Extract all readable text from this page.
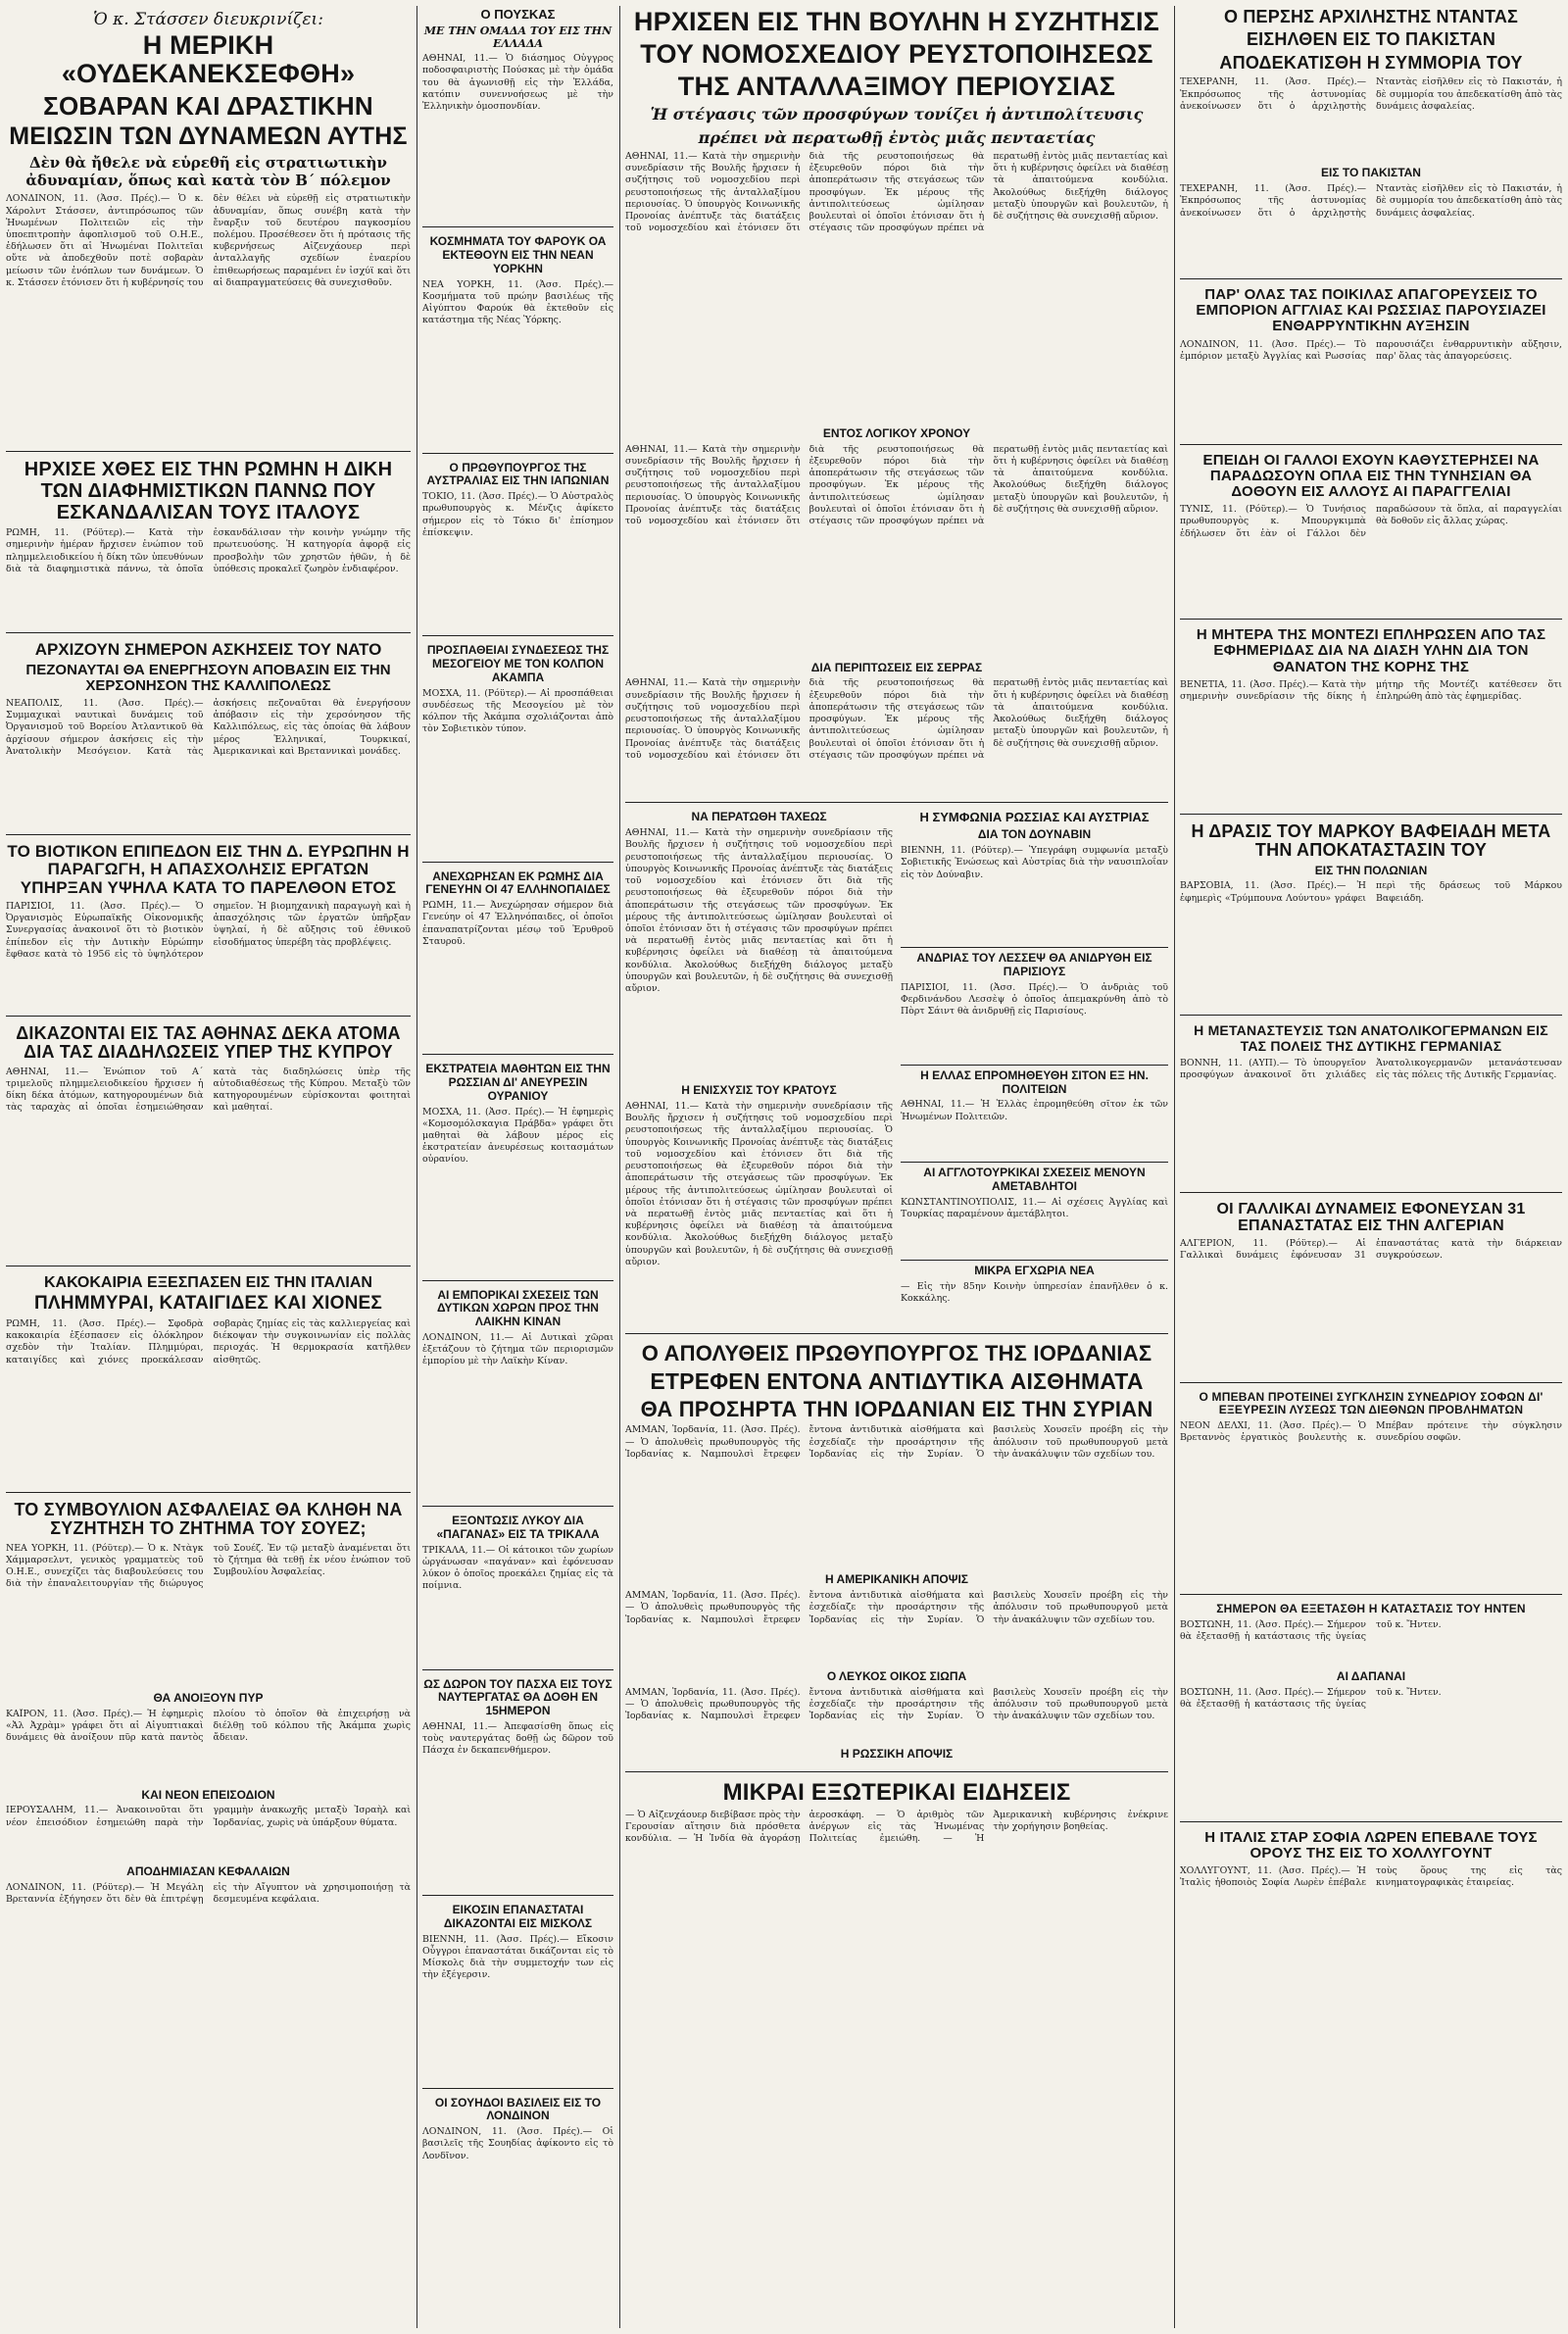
Ὁ κ. Στάσσεν διευκρινίζει:
Η ΜΕΡΙΚΗ «ΟΥΔΕΚΑΝΕΚΣΕΦΘΗ»
ΣΟΒΑΡΑΝ ΚΑΙ ΔΡΑΣΤΙΚΗΝ
ΜΕΙΩΣΙΝ ΤΩΝ ΔΥΝΑΜΕΩΝ ΑΥΤΗΣ
Δὲν θὰ ἤθελε νὰ εὑρεθῆ εἰς στρατιωτικὴν ἀδυναμίαν, ὅπως καὶ κατὰ τὸν Β΄ πόλεμον

ΛΟΝΔΙΝΟΝ, 11. (Ἀσσ. Πρές).— Ὁ κ. Χάρολντ Στάσσεν, ἀντιπρόσωπος τῶν Ἡνωμένων Πολιτειῶν εἰς τὴν ὑποεπιτροπὴν ἀφοπλισμοῦ τοῦ Ο.Η.Ε., ἐδήλωσεν ὅτι αἱ Ἡνωμέναι Πολιτεῖαι οὔτε νὰ ἀποδεχθοῦν ποτὲ σοβαρὰν μείωσιν τῶν ἐνόπλων των δυνάμεων. Ὁ κ. Στάσσεν ἐτόνισεν ὅτι ἡ κυβέρνησίς του δὲν θέλει νὰ εὑρεθῇ εἰς στρατιωτικὴν ἀδυναμίαν, ὅπως συνέβη κατὰ τὴν ἔναρξιν τοῦ δευτέρου παγκοσμίου πολέμου. Προσέθεσεν ὅτι ἡ πρότασις τῆς κυβερνήσεως Αἰζενχάουερ περὶ ἀνταλλαγῆς σχεδίων ἐναερίου ἐπιθεωρήσεως παραμένει ἐν ἰσχύϊ καὶ ὅτι αἱ διαπραγματεύσεις θὰ συνεχισθοῦν.

ΗΡΧΙΣΕ ΧΘΕΣ ΕΙΣ ΤΗΝ ΡΩΜΗΝ Η ΔΙΚΗ ΤΩΝ ΔΙΑΦΗΜΙΣΤΙΚΩΝ ΠΑΝΝΩ ΠΟΥ ΕΣΚΑΝΔΑΛΙΣΑΝ ΤΟΥΣ ΙΤΑΛΟΥΣ

ΡΩΜΗ, 11. (Ρόϋτερ).— Κατὰ τὴν σημερινὴν ἡμέραν ἤρχισεν ἐνώπιον τοῦ πλημμελειοδικείου ἡ δίκη τῶν ὑπευθύνων διὰ τὰ διαφημιστικὰ πάννω, τὰ ὁποῖα ἐσκανδάλισαν τὴν κοινὴν γνώμην τῆς πρωτευούσης. Ἡ κατηγορία ἀφορᾷ εἰς προσβολὴν τῶν χρηστῶν ἠθῶν, ἡ δὲ ὑπόθεσις προκαλεῖ ζωηρὸν ἐνδιαφέρον.

ΑΡΧΙΖΟΥΝ ΣΗΜΕΡΟΝ ΑΣΚΗΣΕΙΣ ΤΟΥ ΝΑΤΟ
ΠΕΖΟΝΑΥΤΑΙ ΘΑ ΕΝΕΡΓΗΣΟΥΝ ΑΠΟΒΑΣΙΝ ΕΙΣ ΤΗΝ ΧΕΡΣΟΝΗΣΟΝ ΤΗΣ ΚΑΛΛΙΠΟΛΕΩΣ

ΝΕΑΠΟΛΙΣ, 11. (Ἀσσ. Πρές).— Συμμαχικαὶ ναυτικαὶ δυνάμεις τοῦ Ὀργανισμοῦ τοῦ Βορείου Ἀτλαντικοῦ θὰ ἀρχίσουν σήμερον ἀσκήσεις εἰς τὴν Ἀνατολικὴν Μεσόγειον. Κατὰ τὰς ἀσκήσεις πεζοναῦται θὰ ἐνεργήσουν ἀπόβασιν εἰς τὴν χερσόνησον τῆς Καλλιπόλεως, εἰς τὰς ὁποίας θὰ λάβουν μέρος Ἑλληνικαί, Τουρκικαί, Ἀμερικανικαὶ καὶ Βρεταννικαὶ μονάδες.

ΤΟ ΒΙΟΤΙΚΟΝ ΕΠΙΠΕΔΟΝ ΕΙΣ ΤΗΝ Δ. ΕΥΡΩΠΗΝ Η ΠΑΡΑΓΩΓΗ, Η ΑΠΑΣΧΟΛΗΣΙΣ ΕΡΓΑΤΩΝ ΥΠΗΡΞΑΝ ΥΨΗΛΑ ΚΑΤΑ ΤΟ ΠΑΡΕΛΘΟΝ ΕΤΟΣ

ΠΑΡΙΣΙΟΙ, 11. (Ἀσσ. Πρές).— Ὁ Ὀργανισμὸς Εὐρωπαϊκῆς Οἰκονομικῆς Συνεργασίας ἀνακοινοῖ ὅτι τὸ βιοτικὸν ἐπίπεδον εἰς τὴν Δυτικὴν Εὐρώπην ἔφθασε κατὰ τὸ 1956 εἰς τὸ ὑψηλότερον σημεῖον. Ἡ βιομηχανικὴ παραγωγὴ καὶ ἡ ἀπασχόλησις τῶν ἐργατῶν ὑπῆρξαν ὑψηλαί, ἡ δὲ αὔξησις τοῦ ἐθνικοῦ εἰσοδήματος ὑπερέβη τὰς προβλέψεις.

ΔΙΚΑΖΟΝΤΑΙ ΕΙΣ ΤΑΣ ΑΘΗΝΑΣ ΔΕΚΑ ΑΤΟΜΑ ΔΙΑ ΤΑΣ ΔΙΑΔΗΛΩΣΕΙΣ ΥΠΕΡ ΤΗΣ ΚΥΠΡΟΥ

ΑΘΗΝΑΙ, 11.— Ἐνώπιον τοῦ Α΄ τριμελοῦς πλημμελειοδικείου ἤρχισεν ἡ δίκη δέκα ἀτόμων, κατηγορουμένων διὰ τὰς ταραχὰς αἱ ὁποῖαι ἐσημειώθησαν κατὰ τὰς διαδηλώσεις ὑπὲρ τῆς αὐτοδιαθέσεως τῆς Κύπρου. Μεταξὺ τῶν κατηγορουμένων εὑρίσκονται φοιτηταὶ καὶ μαθηταί.

ΚΑΚΟΚΑΙΡΙΑ ΕΞΕΣΠΑΣΕΝ ΕΙΣ ΤΗΝ ΙΤΑΛΙΑΝ
ΠΛΗΜΜΥΡΑΙ, ΚΑΤΑΙΓΙΔΕΣ ΚΑΙ ΧΙΟΝΕΣ

ΡΩΜΗ, 11. (Ἀσσ. Πρές).— Σφοδρὰ κακοκαιρία ἐξέσπασεν εἰς ὁλόκληρον σχεδὸν τὴν Ἰταλίαν. Πλημμύραι, καταιγίδες καὶ χιόνες προεκάλεσαν σοβαρὰς ζημίας εἰς τὰς καλλιεργείας καὶ διέκοψαν τὴν συγκοινωνίαν εἰς πολλὰς περιοχάς. Ἡ θερμοκρασία κατῆλθεν αἰσθητῶς.

ΤΟ ΣΥΜΒΟΥΛΙΟΝ ΑΣΦΑΛΕΙΑΣ ΘΑ ΚΛΗΘΗ ΝΑ ΣΥΖΗΤΗΣΗ ΤΟ ΖΗΤΗΜΑ ΤΟΥ ΣΟΥΕΖ;

ΝΕΑ ΥΟΡΚΗ, 11. (Ρόϋτερ).— Ὁ κ. Ντὰγκ Χάμμαρσελντ, γενικὸς γραμματεὺς τοῦ Ο.Η.Ε., συνεχίζει τὰς διαβουλεύσεις του διὰ τὴν ἐπαναλειτουργίαν τῆς διώρυγος τοῦ Σουέζ. Ἐν τῷ μεταξὺ ἀναμένεται ὅτι τὸ ζήτημα θὰ τεθῇ ἐκ νέου ἐνώπιον τοῦ Συμβουλίου Ἀσφαλείας.

ΘΑ ΑΝΟΙΞΟΥΝ ΠΥΡ

ΚΑΪΡΟΝ, 11. (Ἀσσ. Πρές).— Ἡ ἐφημερὶς «Ἀλ Ἀχρὰμ» γράφει ὅτι αἱ Αἰγυπτιακαὶ δυνάμεις θὰ ἀνοίξουν πῦρ κατὰ παντὸς πλοίου τὸ ὁποῖον θὰ ἐπιχειρήσῃ νὰ διέλθῃ τοῦ κόλπου τῆς Ἀκάμπα χωρὶς ἄδειαν.

ΚΑΙ ΝΕΟΝ ΕΠΕΙΣΟΔΙΟΝ

ΙΕΡΟΥΣΑΛΗΜ, 11.— Ἀνακοινοῦται ὅτι νέον ἐπεισόδιον ἐσημειώθη παρὰ τὴν γραμμὴν ἀνακωχῆς μεταξὺ Ἰσραὴλ καὶ Ἰορδανίας, χωρὶς νὰ ὑπάρξουν θύματα.

ΑΠΟΔΗΜΙΑΣΑΝ ΚΕΦΑΛΑΙΩΝ

ΛΟΝΔΙΝΟΝ, 11. (Ρόϋτερ).— Ἡ Μεγάλη Βρεταννία ἐξήγησεν ὅτι δὲν θὰ ἐπιτρέψῃ εἰς τὴν Αἴγυπτον νὰ χρησιμοποιήσῃ τὰ δεσμευμένα κεφάλαια.

Ο ΠΟΥΣΚΑΣ
ΜΕ ΤΗΝ ΟΜΑΔΑ ΤΟΥ ΕΙΣ ΤΗΝ ΕΛΛΑΔΑ

ΑΘΗΝΑΙ, 11.— Ὁ διάσημος Οὑγγρος ποδοσφαιριστὴς Πούσκας μὲ τὴν ὁμάδα του θὰ ἀγωνισθῇ εἰς τὴν Ἑλλάδα, κατόπιν συνεννοήσεως μὲ τὴν Ἑλληνικὴν ὁμοσπονδίαν.

ΚΟΣΜΗΜΑΤΑ ΤΟΥ ΦΑΡΟΥΚ ΟΑ ΕΚΤΕΘΟΥΝ ΕΙΣ ΤΗΝ ΝΕΑΝ ΥΟΡΚΗΝ

ΝΕΑ ΥΟΡΚΗ, 11. (Ἀσσ. Πρές).— Κοσμήματα τοῦ πρώην βασιλέως τῆς Αἰγύπτου Φαρούκ θὰ ἐκτεθοῦν εἰς κατάστημα τῆς Νέας Ὑόρκης.

Ο ΠΡΩΘΥΠΟΥΡΓΟΣ ΤΗΣ ΑΥΣΤΡΑΛΙΑΣ ΕΙΣ ΤΗΝ ΙΑΠΩΝΙΑΝ

ΤΟΚΙΟ, 11. (Ἀσσ. Πρές).— Ὁ Αὐστραλὸς πρωθυπουργὸς κ. Μένζις ἀφίκετο σήμερον εἰς τὸ Τόκιο δι' ἐπίσημον ἐπίσκεψιν.

ΠΡΟΣΠΑΘΕΙΑΙ ΣΥΝΔΕΣΕΩΣ ΤΗΣ ΜΕΣΟΓΕΙΟΥ ΜΕ ΤΟΝ ΚΟΛΠΟΝ ΑΚΑΜΠΑ

ΜΟΣΧΑ, 11. (Ρόϋτερ).— Αἱ προσπάθειαι συνδέσεως τῆς Μεσογείου μὲ τὸν κόλπον τῆς Ἀκάμπα σχολιάζονται ἀπὸ τὸν Σοβιετικὸν τύπον.

ΑΝΕΧΩΡΗΣΑΝ ΕΚ ΡΩΜΗΣ ΔΙΑ ΓΕΝΕΥΗΝ ΟΙ 47 ΕΛΛΗΝΟΠΑΙΔΕΣ

ΡΩΜΗ, 11.— Ἀνεχώρησαν σήμερον διὰ Γενεύην οἱ 47 Ἑλληνόπαιδες, οἱ ὁποῖοι ἐπαναπατρίζονται μέσῳ τοῦ Ἐρυθροῦ Σταυροῦ.

ΕΚΣΤΡΑΤΕΙΑ ΜΑΘΗΤΩΝ ΕΙΣ ΤΗΝ ΡΩΣΣΙΑΝ ΔΙ' ΑΝΕΥΡΕΣΙΝ ΟΥΡΑΝΙΟΥ

ΜΟΣΧΑ, 11. (Ἀσσ. Πρές).— Ἡ ἐφημερὶς «Κομσομόλσκαγια Πράβδα» γράφει ὅτι μαθηταὶ θὰ λάβουν μέρος εἰς ἐκστρατείαν ἀνευρέσεως κοιτασμάτων οὐρανίου.

ΑΙ ΕΜΠΟΡΙΚΑΙ ΣΧΕΣΕΙΣ ΤΩΝ ΔΥΤΙΚΩΝ ΧΩΡΩΝ ΠΡΟΣ ΤΗΝ ΛΑΙΚΗΝ ΚΙΝΑΝ

ΛΟΝΔΙΝΟΝ, 11.— Αἱ Δυτικαὶ χῶραι ἐξετάζουν τὸ ζήτημα τῶν περιορισμῶν ἐμπορίου μὲ τὴν Λαϊκὴν Κίναν.

ΕΞΟΝΤΩΣΙΣ ΛΥΚΟΥ ΔΙΑ «ΠΑΓΑΝΑΣ» ΕΙΣ ΤΑ ΤΡΙΚΑΛΑ

ΤΡΙΚΑΛΑ, 11.— Οἱ κάτοικοι τῶν χωρίων ὠργάνωσαν «παγάναν» καὶ ἐφόνευσαν λύκον ὁ ὁποῖος προεκάλει ζημίας εἰς τὰ ποίμνια.

ΩΣ ΔΩΡΟΝ ΤΟΥ ΠΑΣΧΑ ΕΙΣ ΤΟΥΣ ΝΑΥΤΕΡΓΑΤΑΣ ΘΑ ΔΟΘΗ ΕΝ 15ΗΜΕΡΟΝ

ΑΘΗΝΑΙ, 11.— Ἀπεφασίσθη ὅπως εἰς τοὺς ναυτεργάτας δοθῇ ὡς δῶρον τοῦ Πάσχα ἐν δεκαπενθήμερον.

ΕΙΚΟΣΙΝ ΕΠΑΝΑΣΤΑΤΑΙ ΔΙΚΑΖΟΝΤΑΙ ΕΙΣ ΜΙΣΚΟΛΣ

ΒΙΕΝΝΗ, 11. (Ἀσσ. Πρές).— Εἴκοσιν Οὗγγροι ἐπαναστάται δικάζονται εἰς τὸ Μίσκολς διὰ τὴν συμμετοχήν των εἰς τὴν ἐξέγερσιν.

ΟΙ ΣΟΥΗΔΟΙ ΒΑΣΙΛΕΙΣ ΕΙΣ ΤΟ ΛΟΝΔΙΝΟΝ

ΛΟΝΔΙΝΟΝ, 11. (Ἀσσ. Πρές).— Οἱ βασιλεῖς τῆς Σουηδίας ἀφίκοντο εἰς τὸ Λονδῖνον.

ΗΡΧΙΣΕΝ ΕΙΣ ΤΗΝ ΒΟΥΛΗΝ Η ΣΥΖΗΤΗΣΙΣ
ΤΟΥ ΝΟΜΟΣΧΕΔΙΟΥ ΡΕΥΣΤΟΠΟΙΗΣΕΩΣ
ΤΗΣ ΑΝΤΑΛΛΑΞΙΜΟΥ ΠΕΡΙΟΥΣΙΑΣ
Ἡ στέγασις τῶν προσφύγων τονίζει ἡ ἀντιπολίτευσις
πρέπει νὰ περατωθῇ ἐντὸς μιᾶς πενταετίας

ΑΘΗΝΑΙ, 11.— Κατὰ τὴν σημερινὴν συνεδρίασιν τῆς Βουλῆς ἤρχισεν ἡ συζήτησις τοῦ νομοσχεδίου περὶ ρευστοποιήσεως τῆς ἀνταλλαξίμου περιουσίας. Ὁ ὑπουργὸς Κοινωνικῆς Προνοίας ἀνέπτυξε τὰς διατάξεις τοῦ νομοσχεδίου καὶ ἐτόνισεν ὅτι διὰ τῆς ρευστοποιήσεως θὰ ἐξευρεθοῦν πόροι διὰ τὴν ἀποπεράτωσιν τῆς στεγάσεως τῶν προσφύγων. Ἐκ μέρους τῆς ἀντιπολιτεύσεως ὡμίλησαν βουλευταὶ οἱ ὁποῖοι ἐτόνισαν ὅτι ἡ στέγασις τῶν προσφύγων πρέπει νὰ περατωθῇ ἐντὸς μιᾶς πενταετίας καὶ ὅτι ἡ κυβέρνησις ὀφείλει νὰ διαθέσῃ τὰ ἀπαιτούμενα κονδύλια. Ἀκολούθως διεξήχθη διάλογος μεταξὺ ὑπουργῶν καὶ βουλευτῶν, ἡ δὲ συζήτησις θὰ συνεχισθῇ αὔριον.

ΕΝΤΟΣ ΛΟΓΙΚΟΥ ΧΡΟΝΟΥ

ΑΘΗΝΑΙ, 11.— Κατὰ τὴν σημερινὴν συνεδρίασιν τῆς Βουλῆς ἤρχισεν ἡ συζήτησις τοῦ νομοσχεδίου περὶ ρευστοποιήσεως τῆς ἀνταλλαξίμου περιουσίας. Ὁ ὑπουργὸς Κοινωνικῆς Προνοίας ἀνέπτυξε τὰς διατάξεις τοῦ νομοσχεδίου καὶ ἐτόνισεν ὅτι διὰ τῆς ρευστοποιήσεως θὰ ἐξευρεθοῦν πόροι διὰ τὴν ἀποπεράτωσιν τῆς στεγάσεως τῶν προσφύγων. Ἐκ μέρους τῆς ἀντιπολιτεύσεως ὡμίλησαν βουλευταὶ οἱ ὁποῖοι ἐτόνισαν ὅτι ἡ στέγασις τῶν προσφύγων πρέπει νὰ περατωθῇ ἐντὸς μιᾶς πενταετίας καὶ ὅτι ἡ κυβέρνησις ὀφείλει νὰ διαθέσῃ τὰ ἀπαιτούμενα κονδύλια. Ἀκολούθως διεξήχθη διάλογος μεταξὺ ὑπουργῶν καὶ βουλευτῶν, ἡ δὲ συζήτησις θὰ συνεχισθῇ αὔριον.

ΔΙΑ ΠΕΡΙΠΤΩΣΕΙΣ ΕΙΣ ΣΕΡΡΑΣ

ΑΘΗΝΑΙ, 11.— Κατὰ τὴν σημερινὴν συνεδρίασιν τῆς Βουλῆς ἤρχισεν ἡ συζήτησις τοῦ νομοσχεδίου περὶ ρευστοποιήσεως τῆς ἀνταλλαξίμου περιουσίας. Ὁ ὑπουργὸς Κοινωνικῆς Προνοίας ἀνέπτυξε τὰς διατάξεις τοῦ νομοσχεδίου καὶ ἐτόνισεν ὅτι διὰ τῆς ρευστοποιήσεως θὰ ἐξευρεθοῦν πόροι διὰ τὴν ἀποπεράτωσιν τῆς στεγάσεως τῶν προσφύγων. Ἐκ μέρους τῆς ἀντιπολιτεύσεως ὡμίλησαν βουλευταὶ οἱ ὁποῖοι ἐτόνισαν ὅτι ἡ στέγασις τῶν προσφύγων πρέπει νὰ περατωθῇ ἐντὸς μιᾶς πενταετίας καὶ ὅτι ἡ κυβέρνησις ὀφείλει νὰ διαθέσῃ τὰ ἀπαιτούμενα κονδύλια. Ἀκολούθως διεξήχθη διάλογος μεταξὺ ὑπουργῶν καὶ βουλευτῶν, ἡ δὲ συζήτησις θὰ συνεχισθῇ αὔριον.

ΝΑ ΠΕΡΑΤΩΘΗ ΤΑΧΕΩΣ

ΑΘΗΝΑΙ, 11.— Κατὰ τὴν σημερινὴν συνεδρίασιν τῆς Βουλῆς ἤρχισεν ἡ συζήτησις τοῦ νομοσχεδίου περὶ ρευστοποιήσεως τῆς ἀνταλλαξίμου περιουσίας. Ὁ ὑπουργὸς Κοινωνικῆς Προνοίας ἀνέπτυξε τὰς διατάξεις τοῦ νομοσχεδίου καὶ ἐτόνισεν ὅτι διὰ τῆς ρευστοποιήσεως θὰ ἐξευρεθοῦν πόροι διὰ τὴν ἀποπεράτωσιν τῆς στεγάσεως τῶν προσφύγων. Ἐκ μέρους τῆς ἀντιπολιτεύσεως ὡμίλησαν βουλευταὶ οἱ ὁποῖοι ἐτόνισαν ὅτι ἡ στέγασις τῶν προσφύγων πρέπει νὰ περατωθῇ ἐντὸς μιᾶς πενταετίας καὶ ὅτι ἡ κυβέρνησις ὀφείλει νὰ διαθέσῃ τὰ ἀπαιτούμενα κονδύλια. Ἀκολούθως διεξήχθη διάλογος μεταξὺ ὑπουργῶν καὶ βουλευτῶν, ἡ δὲ συζήτησις θὰ συνεχισθῇ αὔριον.

Η ΕΝΙΣΧΥΣΙΣ ΤΟΥ ΚΡΑΤΟΥΣ

ΑΘΗΝΑΙ, 11.— Κατὰ τὴν σημερινὴν συνεδρίασιν τῆς Βουλῆς ἤρχισεν ἡ συζήτησις τοῦ νομοσχεδίου περὶ ρευστοποιήσεως τῆς ἀνταλλαξίμου περιουσίας. Ὁ ὑπουργὸς Κοινωνικῆς Προνοίας ἀνέπτυξε τὰς διατάξεις τοῦ νομοσχεδίου καὶ ἐτόνισεν ὅτι διὰ τῆς ρευστοποιήσεως θὰ ἐξευρεθοῦν πόροι διὰ τὴν ἀποπεράτωσιν τῆς στεγάσεως τῶν προσφύγων. Ἐκ μέρους τῆς ἀντιπολιτεύσεως ὡμίλησαν βουλευταὶ οἱ ὁποῖοι ἐτόνισαν ὅτι ἡ στέγασις τῶν προσφύγων πρέπει νὰ περατωθῇ ἐντὸς μιᾶς πενταετίας καὶ ὅτι ἡ κυβέρνησις ὀφείλει νὰ διαθέσῃ τὰ ἀπαιτούμενα κονδύλια. Ἀκολούθως διεξήχθη διάλογος μεταξὺ ὑπουργῶν καὶ βουλευτῶν, ἡ δὲ συζήτησις θὰ συνεχισθῇ αὔριον.

Η ΣΥΜΦΩΝΙΑ ΡΩΣΣΙΑΣ ΚΑΙ ΑΥΣΤΡΙΑΣ
ΔΙΑ ΤΟΝ ΔΟΥΝΑΒΙΝ

ΒΙΕΝΝΗ, 11. (Ρόϋτερ).— Ὑπεγράφη συμφωνία μεταξὺ Σοβιετικῆς Ἑνώσεως καὶ Αὐστρίας διὰ τὴν ναυσιπλοΐαν εἰς τὸν Δούναβιν.

ΑΝΔΡΙΑΣ ΤΟΥ ΛΕΣΣΕΨ ΘΑ ΑΝΙΔΡΥΘΗ ΕΙΣ ΠΑΡΙΣΙΟΥΣ

ΠΑΡΙΣΙΟΙ, 11. (Ἀσσ. Πρές).— Ὁ ἀνδριὰς τοῦ Φερδινάνδου Λεσσὲψ ὁ ὁποῖος ἀπεμακρύνθη ἀπὸ τὸ Πὸρτ Σάιντ θὰ ἀνιδρυθῇ εἰς Παρισίους.

Η ΕΛΛΑΣ ΕΠΡΟΜΗΘΕΥΘΗ ΣΙΤΟΝ ΕΞ ΗΝ. ΠΟΛΙΤΕΙΩΝ

ΑΘΗΝΑΙ, 11.— Ἡ Ἑλλὰς ἐπρομηθεύθη σῖτον ἐκ τῶν Ἡνωμένων Πολιτειῶν.

ΑΙ ΑΓΓΛΟΤΟΥΡΚΙΚΑΙ ΣΧΕΣΕΙΣ ΜΕΝΟΥΝ ΑΜΕΤΑΒΛΗΤΟΙ

ΚΩΝΣΤΑΝΤΙΝΟΥΠΟΛΙΣ, 11.— Αἱ σχέσεις Ἀγγλίας καὶ Τουρκίας παραμένουν ἀμετάβλητοι.

ΜΙΚΡΑ ΕΓΧΩΡΙΑ ΝΕΑ

— Εἰς τὴν 85ην Κοινὴν ὑπηρεσίαν ἐπανῆλθεν ὁ κ. Κοκκάλης.

Ο ΑΠΟΛΥΘΕΙΣ ΠΡΩΘΥΠΟΥΡΓΟΣ ΤΗΣ ΙΟΡΔΑΝΙΑΣ
ΕΤΡΕΦΕΝ ΕΝΤΟΝΑ ΑΝΤΙΔΥΤΙΚΑ ΑΙΣΘΗΜΑΤΑ
ΘΑ ΠΡΟΣΗΡΤΑ ΤΗΝ ΙΟΡΔΑΝΙΑΝ ΕΙΣ ΤΗΝ ΣΥΡΙΑΝ

ΑΜΜΑΝ, Ἰορδανία, 11. (Ἀσσ. Πρές).— Ὁ ἀπολυθεὶς πρωθυπουργὸς τῆς Ἰορδανίας κ. Ναμπουλσὶ ἔτρεφεν ἔντονα ἀντιδυτικὰ αἰσθήματα καὶ ἐσχεδίαζε τὴν προσάρτησιν τῆς Ἰορδανίας εἰς τὴν Συρίαν. Ὁ βασιλεὺς Χουσεῒν προέβη εἰς τὴν ἀπόλυσιν τοῦ πρωθυπουργοῦ μετὰ τὴν ἀνακάλυψιν τῶν σχεδίων του.

Η ΑΜΕΡΙΚΑΝΙΚΗ ΑΠΟΨΙΣ

ΑΜΜΑΝ, Ἰορδανία, 11. (Ἀσσ. Πρές).— Ὁ ἀπολυθεὶς πρωθυπουργὸς τῆς Ἰορδανίας κ. Ναμπουλσὶ ἔτρεφεν ἔντονα ἀντιδυτικὰ αἰσθήματα καὶ ἐσχεδίαζε τὴν προσάρτησιν τῆς Ἰορδανίας εἰς τὴν Συρίαν. Ὁ βασιλεὺς Χουσεῒν προέβη εἰς τὴν ἀπόλυσιν τοῦ πρωθυπουργοῦ μετὰ τὴν ἀνακάλυψιν τῶν σχεδίων του.

Ο ΛΕΥΚΟΣ ΟΙΚΟΣ ΣΙΩΠΑ

ΑΜΜΑΝ, Ἰορδανία, 11. (Ἀσσ. Πρές).— Ὁ ἀπολυθεὶς πρωθυπουργὸς τῆς Ἰορδανίας κ. Ναμπουλσὶ ἔτρεφεν ἔντονα ἀντιδυτικὰ αἰσθήματα καὶ ἐσχεδίαζε τὴν προσάρτησιν τῆς Ἰορδανίας εἰς τὴν Συρίαν. Ὁ βασιλεὺς Χουσεῒν προέβη εἰς τὴν ἀπόλυσιν τοῦ πρωθυπουργοῦ μετὰ τὴν ἀνακάλυψιν τῶν σχεδίων του.

Η ΡΩΣΣΙΚΗ ΑΠΟΨΙΣ
ΜΙΚΡΑΙ ΕΞΩΤΕΡΙΚΑΙ ΕΙΔΗΣΕΙΣ

— Ὁ Αἰζενχάουερ διεβίβασε πρὸς τὴν Γερουσίαν αἴτησιν διὰ πρόσθετα κονδύλια. — Ἡ Ἰνδία θὰ ἀγοράσῃ ἀεροσκάφη. — Ὁ ἀριθμὸς τῶν ἀνέργων εἰς τὰς Ἡνωμένας Πολιτείας ἐμειώθη. — Ἡ Ἀμερικανικὴ κυβέρνησις ἐνέκρινε τὴν χορήγησιν βοηθείας.

Ο ΠΕΡΣΗΣ ΑΡΧΙΛΗΣΤΗΣ ΝΤΑΝΤΑΣ
ΕΙΣΗΛΘΕΝ ΕΙΣ ΤΟ ΠΑΚΙΣΤΑΝ
ΑΠΟΔΕΚΑΤΙΣΘΗ Η ΣΥΜΜΟΡΙΑ ΤΟΥ

ΤΕΧΕΡΑΝΗ, 11. (Ἀσσ. Πρές).— Ἐκπρόσωπος τῆς ἀστυνομίας ἀνεκοίνωσεν ὅτι ὁ ἀρχιλῃστὴς Νταντὰς εἰσῆλθεν εἰς τὸ Πακιστάν, ἡ δὲ συμμορία του ἀπεδεκατίσθη ἀπὸ τὰς δυνάμεις ἀσφαλείας.

ΕΙΣ ΤΟ ΠΑΚΙΣΤΑΝ

ΤΕΧΕΡΑΝΗ, 11. (Ἀσσ. Πρές).— Ἐκπρόσωπος τῆς ἀστυνομίας ἀνεκοίνωσεν ὅτι ὁ ἀρχιλῃστὴς Νταντὰς εἰσῆλθεν εἰς τὸ Πακιστάν, ἡ δὲ συμμορία του ἀπεδεκατίσθη ἀπὸ τὰς δυνάμεις ἀσφαλείας.

ΠΑΡ' ΟΛΑΣ ΤΑΣ ΠΟΙΚΙΛΑΣ ΑΠΑΓΟΡΕΥΣΕΙΣ ΤΟ ΕΜΠΟΡΙΟΝ ΑΓΓΛΙΑΣ ΚΑΙ ΡΩΣΣΙΑΣ ΠΑΡΟΥΣΙΑΖΕΙ ΕΝΘΑΡΡΥΝΤΙΚΗΝ ΑΥΞΗΣΙΝ

ΛΟΝΔΙΝΟΝ, 11. (Ἀσσ. Πρές).— Τὸ ἐμπόριον μεταξὺ Ἀγγλίας καὶ Ρωσσίας παρουσιάζει ἐνθαρρυντικὴν αὔξησιν, παρ' ὅλας τὰς ἀπαγορεύσεις.

ΕΠΕΙΔΗ ΟΙ ΓΑΛΛΟΙ ΕΧΟΥΝ ΚΑΘΥΣΤΕΡΗΣΕΙ ΝΑ ΠΑΡΑΔΩΣΟΥΝ ΟΠΛΑ ΕΙΣ ΤΗΝ ΤΥΝΗΣΙΑΝ ΘΑ ΔΟΘΟΥΝ ΕΙΣ ΑΛΛΟΥΣ ΑΙ ΠΑΡΑΓΓΕΛΙΑΙ

ΤΥΝΙΣ, 11. (Ρόϋτερ).— Ὁ Τυνήσιος πρωθυπουργὸς κ. Μπουργκιμπὰ ἐδήλωσεν ὅτι ἐὰν οἱ Γάλλοι δὲν παραδώσουν τὰ ὅπλα, αἱ παραγγελίαι θὰ δοθοῦν εἰς ἄλλας χώρας.

Η ΜΗΤΕΡΑ ΤΗΣ ΜΟΝΤΕΖΙ ΕΠΛΗΡΩΣΕΝ ΑΠΟ ΤΑΣ ΕΦΗΜΕΡΙΔΑΣ ΔΙΑ ΝΑ ΔΙΑΣΗ ΥΛΗΝ ΔΙΑ ΤΟΝ ΘΑΝΑΤΟΝ ΤΗΣ ΚΟΡΗΣ ΤΗΣ

ΒΕΝΕΤΙΑ, 11. (Ἀσσ. Πρές).— Κατὰ τὴν σημερινὴν συνεδρίασιν τῆς δίκης ἡ μήτηρ τῆς Μοντέζι κατέθεσεν ὅτι ἐπληρώθη ἀπὸ τὰς ἐφημερίδας.

Η ΔΡΑΣΙΣ ΤΟΥ ΜΑΡΚΟΥ ΒΑΦΕΙΑΔΗ ΜΕΤΑ ΤΗΝ ΑΠΟΚΑΤΑΣΤΑΣΙΝ ΤΟΥ
ΕΙΣ ΤΗΝ ΠΟΛΩΝΙΑΝ

ΒΑΡΣΟΒΙΑ, 11. (Ἀσσ. Πρές).— Ἡ ἐφημερὶς «Τρύμπουνα Λούντου» γράφει περὶ τῆς δράσεως τοῦ Μάρκου Βαφειάδη.

Η ΜΕΤΑΝΑΣΤΕΥΣΙΣ ΤΩΝ ΑΝΑΤΟΛΙΚΟΓΕΡΜΑΝΩΝ ΕΙΣ ΤΑΣ ΠΟΛΕΙΣ ΤΗΣ ΔΥΤΙΚΗΣ ΓΕΡΜΑΝΙΑΣ

ΒΟΝΝΗ, 11. (ΑΥΠ).— Τὸ ὑπουργεῖον προσφύγων ἀνακοινοῖ ὅτι χιλιάδες Ἀνατολικογερμανῶν μετανάστευσαν εἰς τὰς πόλεις τῆς Δυτικῆς Γερμανίας.

ΟΙ ΓΑΛΛΙΚΑΙ ΔΥΝΑΜΕΙΣ ΕΦΟΝΕΥΣΑΝ 31 ΕΠΑΝΑΣΤΑΤΑΣ ΕΙΣ ΤΗΝ ΑΛΓΕΡΙΑΝ

ΑΛΓΕΡΙΟΝ, 11. (Ρόϋτερ).— Αἱ Γαλλικαὶ δυνάμεις ἐφόνευσαν 31 ἐπαναστάτας κατὰ τὴν διάρκειαν συγκρούσεων.

Ο ΜΠΕΒΑΝ ΠΡΟΤΕΙΝΕΙ ΣΥΓΚΛΗΣΙΝ ΣΥΝΕΔΡΙΟΥ ΣΟΦΩΝ ΔΙ' ΕΞΕΥΡΕΣΙΝ ΛΥΣΕΩΣ ΤΩΝ ΔΙΕΘΝΩΝ ΠΡΟΒΛΗΜΑΤΩΝ

ΝΕΟΝ ΔΕΛΧΙ, 11. (Ἀσσ. Πρές).— Ὁ Βρεταννὸς ἐργατικὸς βουλευτὴς κ. Μπέβαν πρότεινε τὴν σύγκλησιν συνεδρίου σοφῶν.

ΣΗΜΕΡΟΝ ΘΑ ΕΞΕΤΑΣΘΗ Η ΚΑΤΑΣΤΑΣΙΣ ΤΟΥ ΗΝΤΕΝ

ΒΟΣΤΩΝΗ, 11. (Ἀσσ. Πρές).— Σήμερον θὰ ἐξετασθῇ ἡ κατάστασις τῆς ὑγείας τοῦ κ. Ἤντεν.

ΑΙ ΔΑΠΑΝΑΙ

ΒΟΣΤΩΝΗ, 11. (Ἀσσ. Πρές).— Σήμερον θὰ ἐξετασθῇ ἡ κατάστασις τῆς ὑγείας τοῦ κ. Ἤντεν.

Η ΙΤΑΛΙΣ ΣΤΑΡ ΣΟΦΙΑ ΛΩΡΕΝ ΕΠΕΒΑΛΕ ΤΟΥΣ ΟΡΟΥΣ ΤΗΣ ΕΙΣ ΤΟ ΧΟΛΛΥΓΟΥΝΤ

ΧΟΛΛΥΓΟΥΝΤ, 11. (Ἀσσ. Πρές).— Ἡ Ἰταλὶς ἠθοποιὸς Σοφία Λωρὲν ἐπέβαλε τοὺς ὅρους της εἰς τὰς κινηματογραφικὰς ἑταιρείας.
